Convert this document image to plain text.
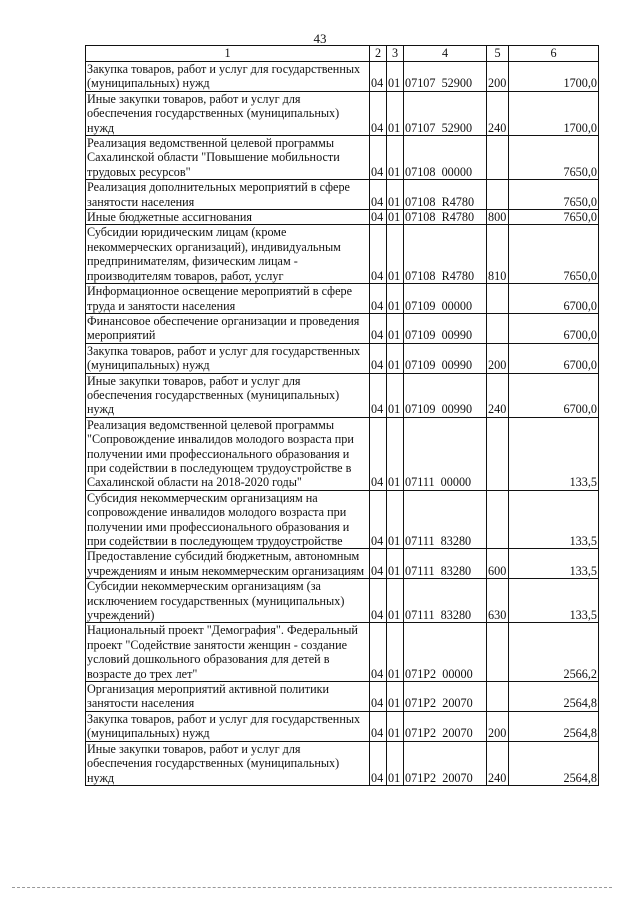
43
1	2	3	4	5	6
Закупка товаров, работ и услуг для государственных (муниципальных) нужд	04	01	07107  52900	200	1700,0
Иные закупки товаров, работ и услуг для обеспечения государственных (муниципальных) нужд	04	01	07107  52900	240	1700,0
Реализация ведомственной целевой программы Сахалинской области "Повышение мобильности трудовых ресурсов"	04	01	07108  00000		7650,0
Реализация дополнительных мероприятий в сфере занятости населения	04	01	07108  R4780		7650,0
Иные бюджетные ассигнования	04	01	07108  R4780	800	7650,0
Субсидии юридическим лицам (кроме некоммерческих организаций), индивидуальным предпринимателям, физическим лицам - производителям товаров, работ, услуг	04	01	07108  R4780	810	7650,0
Информационное освещение мероприятий в сфере труда и занятости населения	04	01	07109  00000		6700,0
Финансовое обеспечение организации и проведения мероприятий	04	01	07109  00990		6700,0
Закупка товаров, работ и услуг для государственных (муниципальных) нужд	04	01	07109  00990	200	6700,0
Иные закупки товаров, работ и услуг для обеспечения государственных (муниципальных) нужд	04	01	07109  00990	240	6700,0
Реализация ведомственной целевой программы "Сопровождение инвалидов молодого возраста при получении ими профессионального образования и при содействии в последующем трудоустройстве в Сахалинской области на 2018-2020 годы"	04	01	07111  00000		133,5
Субсидия некоммерческим организациям на сопровождение инвалидов молодого возраста при получении ими профессионального образования и при содействии в последующем трудоустройстве	04	01	07111  83280		133,5
Предоставление субсидий бюджетным, автономным учреждениям и иным некоммерческим организациям	04	01	07111  83280	600	133,5
Субсидии некоммерческим организациям (за исключением государственных (муниципальных) учреждений)	04	01	07111  83280	630	133,5
Национальный проект "Демография". Федеральный проект "Содействие занятости женщин - создание условий дошкольного образования для детей в возрасте до трех лет"	04	01	071P2  00000		2566,2
Организация мероприятий активной политики занятости населения	04	01	071P2  20070		2564,8
Закупка товаров, работ и услуг для государственных (муниципальных) нужд	04	01	071P2  20070	200	2564,8
Иные закупки товаров, работ и услуг для обеспечения государственных (муниципальных) нужд	04	01	071P2  20070	240	2564,8
